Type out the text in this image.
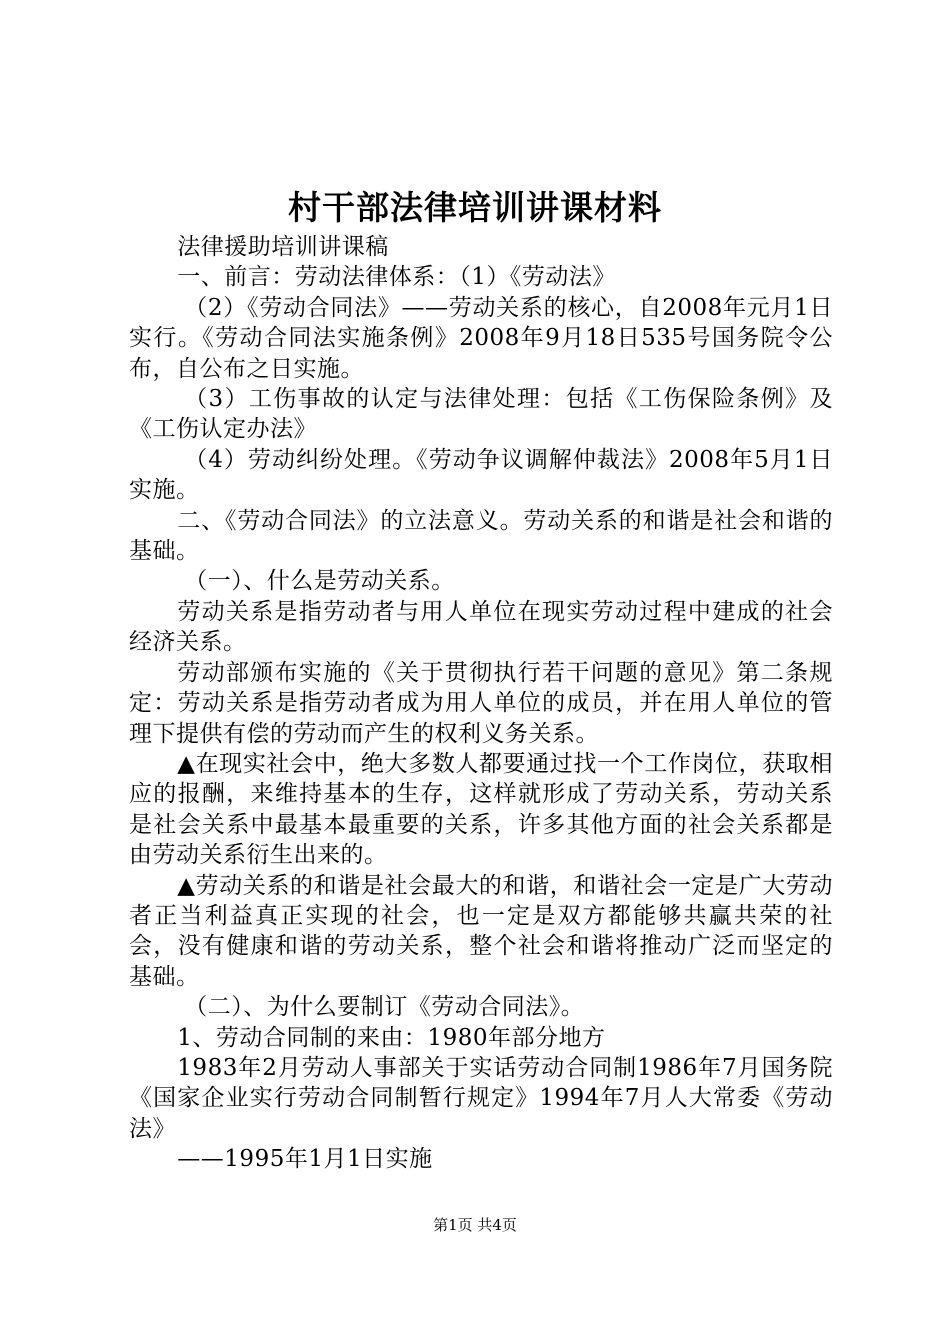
村干部法律培训讲课材料

法律援助培训讲课稿

一、前言：劳动法律体系：（1）《劳动法》

（2）《劳动合同法》——劳动关系的核心，自2008年元月1日实行。《劳动合同法实施条例》2008年9月18日535号国务院令公布，自公布之日实施。

（3）工伤事故的认定与法律处理：包括《工伤保险条例》及《工伤认定办法》

（4）劳动纠纷处理。《劳动争议调解仲裁法》2008年5月1日实施。

二、《劳动合同法》的立法意义。劳动关系的和谐是社会和谐的基础。

（一）、什么是劳动关系。

劳动关系是指劳动者与用人单位在现实劳动过程中建成的社会经济关系。

劳动部颁布实施的《关于贯彻执行若干问题的意见》第二条规定：劳动关系是指劳动者成为用人单位的成员，并在用人单位的管理下提供有偿的劳动而产生的权利义务关系。

▲在现实社会中，绝大多数人都要通过找一个工作岗位，获取相应的报酬，来维持基本的生存，这样就形成了劳动关系，劳动关系是社会关系中最基本最重要的关系，许多其他方面的社会关系都是由劳动关系衍生出来的。

▲劳动关系的和谐是社会最大的和谐，和谐社会一定是广大劳动者正当利益真正实现的社会，也一定是双方都能够共赢共荣的社会，没有健康和谐的劳动关系，整个社会和谐将推动广泛而坚定的基础。

（二）、为什么要制订《劳动合同法》。

1、劳动合同制的来由：1980年部分地方

1983年2月劳动人事部关于实话劳动合同制1986年7月国务院《国家企业实行劳动合同制暂行规定》1994年7月人大常委《劳动法》

——1995年1月1日实施

第1页 共4页
